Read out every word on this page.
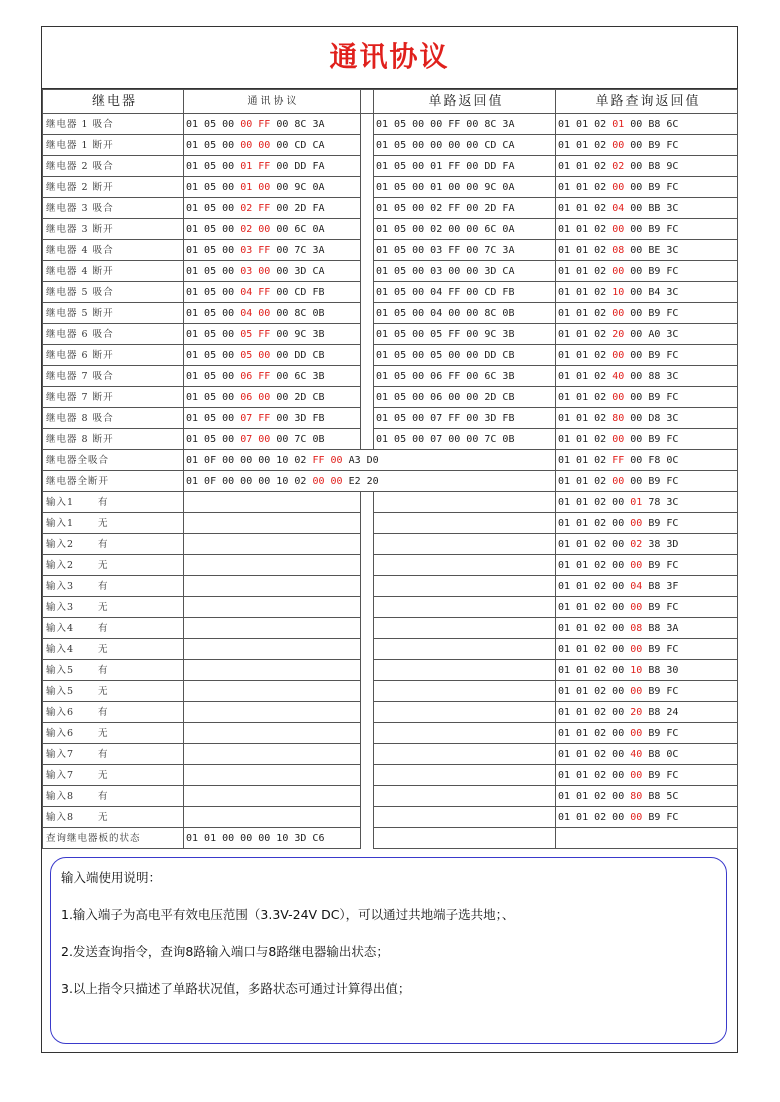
通讯协议
继电器	通讯协议		单路返回值	单路查询返回值
继电器 1 吸合	01 05 00 00 FF 00 8C 3A		01 05 00 00 FF 00 8C 3A	01 01 02 01 00 B8 6C
继电器 1 断开	01 05 00 00 00 00 CD CA		01 05 00 00 00 00 CD CA	01 01 02 00 00 B9 FC
继电器 2 吸合	01 05 00 01 FF 00 DD FA		01 05 00 01 FF 00 DD FA	01 01 02 02 00 B8 9C
继电器 2 断开	01 05 00 01 00 00 9C 0A		01 05 00 01 00 00 9C 0A	01 01 02 00 00 B9 FC
继电器 3 吸合	01 05 00 02 FF 00 2D FA		01 05 00 02 FF 00 2D FA	01 01 02 04 00 BB 3C
继电器 3 断开	01 05 00 02 00 00 6C 0A		01 05 00 02 00 00 6C 0A	01 01 02 00 00 B9 FC
继电器 4 吸合	01 05 00 03 FF 00 7C 3A		01 05 00 03 FF 00 7C 3A	01 01 02 08 00 BE 3C
继电器 4 断开	01 05 00 03 00 00 3D CA		01 05 00 03 00 00 3D CA	01 01 02 00 00 B9 FC
继电器 5 吸合	01 05 00 04 FF 00 CD FB		01 05 00 04 FF 00 CD FB	01 01 02 10 00 B4 3C
继电器 5 断开	01 05 00 04 00 00 8C 0B		01 05 00 04 00 00 8C 0B	01 01 02 00 00 B9 FC
继电器 6 吸合	01 05 00 05 FF 00 9C 3B		01 05 00 05 FF 00 9C 3B	01 01 02 20 00 A0 3C
继电器 6 断开	01 05 00 05 00 00 DD CB		01 05 00 05 00 00 DD CB	01 01 02 00 00 B9 FC
继电器 7 吸合	01 05 00 06 FF 00 6C 3B		01 05 00 06 FF 00 6C 3B	01 01 02 40 00 88 3C
继电器 7 断开	01 05 00 06 00 00 2D CB		01 05 00 06 00 00 2D CB	01 01 02 00 00 B9 FC
继电器 8 吸合	01 05 00 07 FF 00 3D FB		01 05 00 07 FF 00 3D FB	01 01 02 80 00 D8 3C
继电器 8 断开	01 05 00 07 00 00 7C 0B		01 05 00 07 00 00 7C 0B	01 01 02 00 00 B9 FC
继电器全吸合	01 0F 00 00 00 10 02 FF 00 A3 D0			01 01 02 FF 00 F8 0C
继电器全断开	01 0F 00 00 00 10 02 00 00 E2 20			01 01 02 00 00 B9 FC
输入1 有				01 01 02 00 01 78 3C
输入1 无				01 01 02 00 00 B9 FC
输入2 有				01 01 02 00 02 38 3D
输入2 无				01 01 02 00 00 B9 FC
输入3 有				01 01 02 00 04 B8 3F
输入3 无				01 01 02 00 00 B9 FC
输入4 有				01 01 02 00 08 B8 3A
输入4 无				01 01 02 00 00 B9 FC
输入5 有				01 01 02 00 10 B8 30
输入5 无				01 01 02 00 00 B9 FC
输入6 有				01 01 02 00 20 B8 24
输入6 无				01 01 02 00 00 B9 FC
输入7 有				01 01 02 00 40 B8 0C
输入7 无				01 01 02 00 00 B9 FC
输入8 有				01 01 02 00 80 B8 5C
输入8 无				01 01 02 00 00 B9 FC
查询继电器板的状态	01 01 00 00 00 10 3D C6			
输入端使用说明：
1.输入端子为高电平有效电压范围（3.3V-24V DC），可以通过共地端子选共地；、
2.发送查询指令，查询8路输入端口与8路继电器输出状态；
3.以上指令只描述了单路状况值，多路状态可通过计算得出值；
